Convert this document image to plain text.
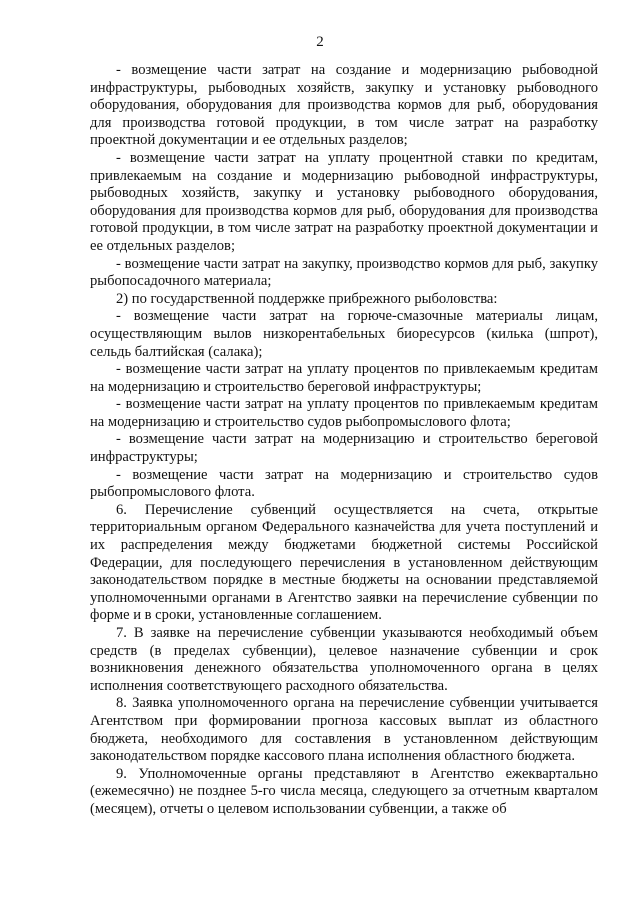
2

- возмещение части затрат на создание и модернизацию рыбоводной инфраструктуры, рыбоводных хозяйств, закупку и установку рыбоводного оборудования, оборудования для производства кормов для рыб, оборудования для производства готовой продукции, в том числе затрат на разработку проектной документации и ее отдельных разделов;

- возмещение части затрат на уплату процентной ставки по кредитам, привлекаемым на создание и модернизацию рыбоводной инфраструктуры, рыбоводных хозяйств, закупку и установку рыбоводного оборудования, оборудования для производства кормов для рыб, оборудования для производства готовой продукции, в том числе затрат на разработку проектной документации и ее отдельных разделов;

- возмещение части затрат на закупку, производство кормов для рыб, закупку рыбопосадочного материала;

2) по государственной поддержке прибрежного рыболовства:

- возмещение части затрат на горюче-смазочные материалы лицам, осуществляющим вылов низкорентабельных биоресурсов (килька (шпрот), сельдь балтийская (салака);

- возмещение части затрат на уплату процентов по привлекаемым кредитам на модернизацию и строительство береговой инфраструктуры;

- возмещение части затрат на уплату процентов по привлекаемым кредитам на модернизацию и строительство судов рыбопромыслового флота;

- возмещение части затрат на модернизацию и строительство береговой инфраструктуры;

- возмещение части затрат на модернизацию и строительство судов рыбопромыслового флота.

6. Перечисление субвенций осуществляется на счета, открытые территориальным органом Федерального казначейства для учета поступлений и их распределения между бюджетами бюджетной системы Российской Федерации, для последующего перечисления в установленном действующим законодательством порядке в местные бюджеты на основании представляемой уполномоченными органами в Агентство заявки на перечисление субвенции по форме и в сроки, установленные соглашением.

7. В заявке на перечисление субвенции указываются необходимый объем средств (в пределах субвенции), целевое назначение субвенции и срок возникновения денежного обязательства уполномоченного органа в целях исполнения соответствующего расходного обязательства.

8. Заявка уполномоченного органа на перечисление субвенции учитывается Агентством при формировании прогноза кассовых выплат из областного бюджета, необходимого для составления в установленном действующим законодательством порядке кассового плана исполнения областного бюджета.

9. Уполномоченные органы представляют в Агентство ежеквартально (ежемесячно) не позднее 5-го числа месяца, следующего за отчетным кварталом (месяцем), отчеты о целевом использовании субвенции, а также об
